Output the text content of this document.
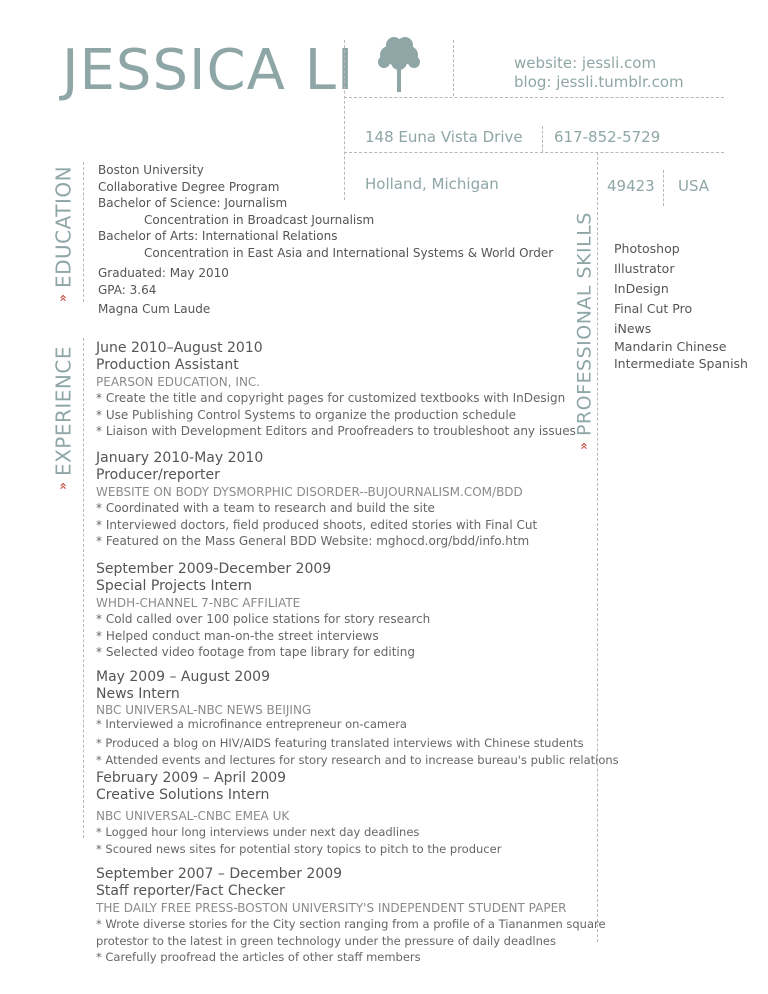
JESSICA LI	website: jessli.com
blog: jessli.tumblr.com
148 Euna Vista Drive 617-852-5729
Holland, Michigan	49423 USA
»EDUCATION
»EXPERIENCE	»PROFESSIONAL SKILLS
Boston University
Collaborative Degree Program
Bachelor of Science: Journalism
Concentration in Broadcast Journalism
Bachelor of Arts: International Relations
Concentration in East Asia and International Systems & World Order
Graduated: May 2010
GPA: 3.64
Magna Cum Laude
Photoshop
Illustrator
InDesign
Final Cut Pro
iNews
Mandarin Chinese
Intermediate Spanish
June 2010–August 2010
Production Assistant
PEARSON EDUCATION, INC.
* Create the title and copyright pages for customized textbooks with InDesign
* Use Publishing Control Systems to organize the production schedule
* Liaison with Development Editors and Proofreaders to troubleshoot any issues
January 2010-May 2010
Producer/reporter
WEBSITE ON BODY DYSMORPHIC DISORDER--BUJOURNALISM.COM/BDD
* Coordinated with a team to research and build the site
* Interviewed doctors, field produced shoots, edited stories with Final Cut
* Featured on the Mass General BDD Website: mghocd.org/bdd/info.htm
September 2009-December 2009
Special Projects Intern
WHDH-CHANNEL 7-NBC AFFILIATE
* Cold called over 100 police stations for story research
* Helped conduct man-on-the street interviews
* Selected video footage from tape library for editing
May 2009 – August 2009
News Intern
NBC UNIVERSAL-NBC NEWS BEIJING
* Interviewed a microfinance entrepreneur on-camera
* Produced a blog on HIV/AIDS featuring translated interviews with Chinese students
* Attended events and lectures for story research and to increase bureau's public relations
February 2009 – April 2009
Creative Solutions Intern
NBC UNIVERSAL-CNBC EMEA UK
* Logged hour long interviews under next day deadlines
* Scoured news sites for potential story topics to pitch to the producer
September 2007 – December 2009
Staff reporter/Fact Checker
THE DAILY FREE PRESS-BOSTON UNIVERSITY'S INDEPENDENT STUDENT PAPER
* Wrote diverse stories for the City section ranging from a profile of a Tiananmen square
protestor to the latest in green technology under the pressure of daily deadlnes
* Carefully proofread the articles of other staff members
